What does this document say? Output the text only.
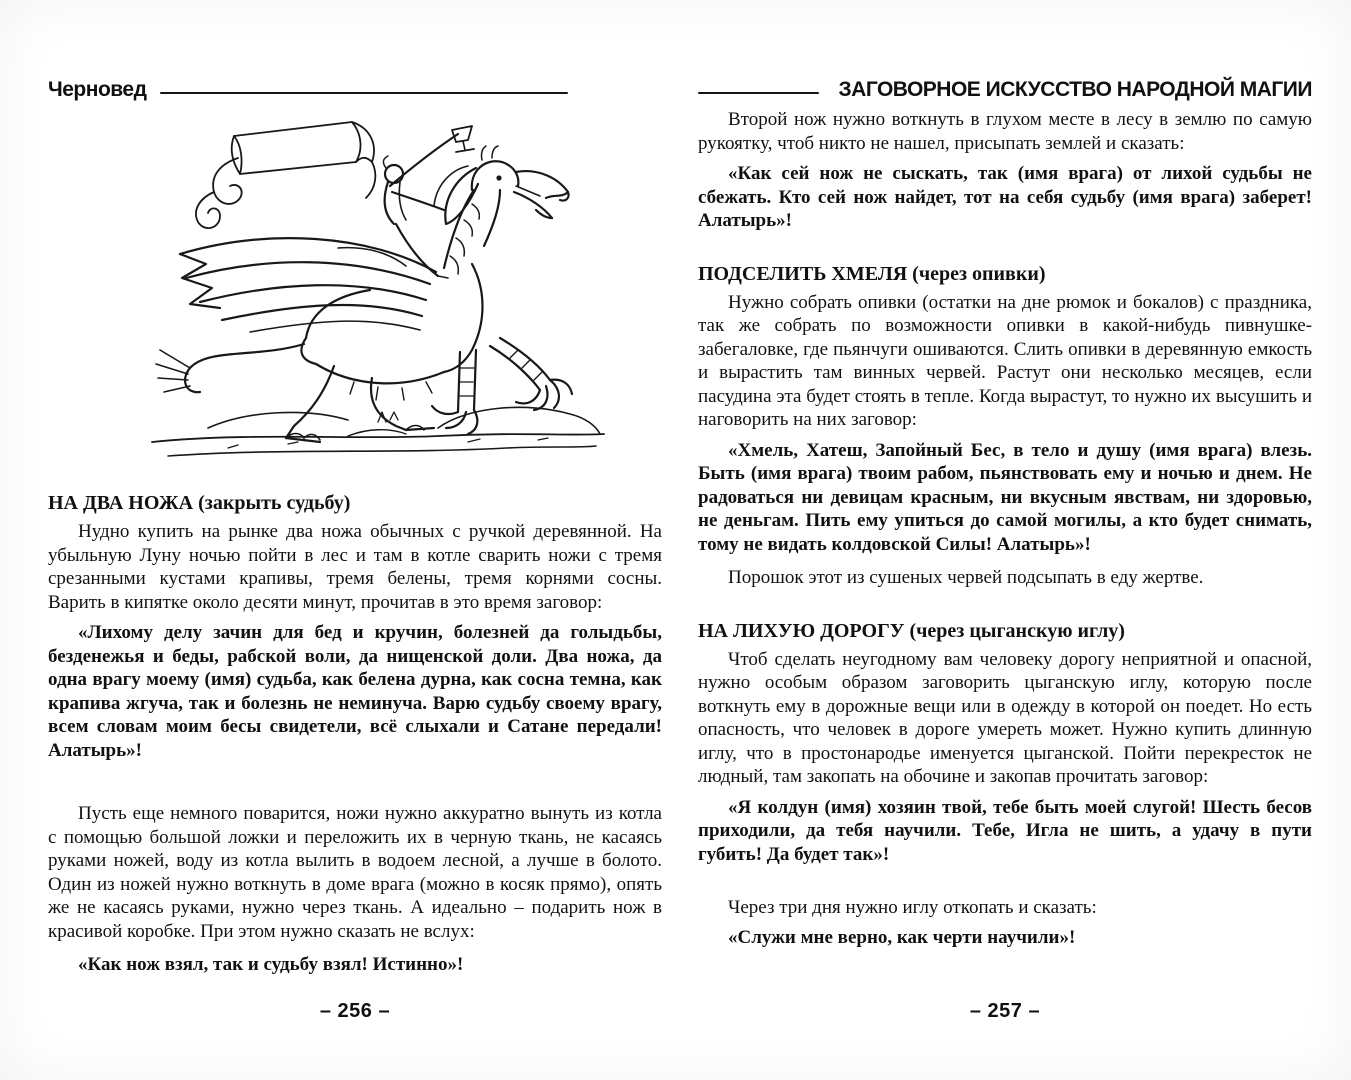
Черновед
НА ДВА НОЖА (закрыть судьбу)

Нудно купить на рынке два ножа обычных с ручкой деревянной. На убыльную Луну ночью пойти в лес и там в котле сварить ножи с тремя срезанными кустами крапивы, тремя белены, тремя корнями сосны. Варить в кипятке около десяти минут, прочитав в это время заговор:

«Лихому делу зачин для бед и кручин, болезней да голыдьбы, безденежья и беды, рабской воли, да нищенской доли. Два ножа, да одна врагу моему (имя) судьба, как белена дурна, как сосна темна, как крапива жгуча, так и болезнь не неминуча. Варю судьбу своему врагу, всем словам моим бесы свидетели, всё слыхали и Сатане передали! Алатырь»!

Пусть еще немного поварится, ножи нужно аккуратно вынуть из котла с помощью большой ложки и переложить их в черную ткань, не касаясь руками ножей, воду из котла вылить в водоем лесной, а лучше в болото. Один из ножей нужно воткнуть в доме врага (можно в косяк прямо), опять же не касаясь руками, нужно через ткань. А идеально – подарить нож в красивой коробке. При этом нужно сказать не вслух:

«Как нож взял, так и судьбу взял! Истинно»!

– 256 –
ЗАГОВОРНОЕ ИСКУССТВО НАРОДНОЙ МАГИИ

Второй нож нужно воткнуть в глухом месте в лесу в землю по самую рукоятку, чтоб никто не нашел, присыпать землей и сказать:

«Как сей нож не сыскать, так (имя врага) от лихой судьбы не сбежать. Кто сей нож найдет, тот на себя судьбу (имя врага) заберет! Алатырь»!

ПОДСЕЛИТЬ ХМЕЛЯ (через опивки)

Нужно собрать опивки (остатки на дне рюмок и бокалов) с праздника, так же собрать по возможности опивки в какой-нибудь пивнушке-забегаловке, где пьянчуги ошиваются. Слить опивки в деревянную емкость и вырастить там винных червей. Растут они несколько месяцев, если пасудина эта будет стоять в тепле. Когда вырастут, то нужно их высушить и наговорить на них заговор:

«Хмель, Хатеш, Запойный Бес, в тело и душу (имя врага) влезь. Быть (имя врага) твоим рабом, пьянствовать ему и ночью и днем. Не радоваться ни девицам красным, ни вкусным явствам, ни здоровью, не деньгам. Пить ему упиться до самой могилы, а кто будет снимать, тому не видать колдовской Силы! Алатырь»!

Порошок этот из сушеных червей подсыпать в еду жертве.

НА ЛИХУЮ ДОРОГУ (через цыганскую иглу)

Чтоб сделать неугодному вам человеку дорогу неприятной и опасной, нужно особым образом заговорить цыганскую иглу, которую после воткнуть ему в дорожные вещи или в одежду в которой он поедет. Но есть опасность, что человек в дороге умереть может. Нужно купить длинную иглу, что в простонародье именуется цыганской. Пойти перекресток не людный, там закопать на обочине и закопав прочитать заговор:

«Я колдун (имя) хозяин твой, тебе быть моей слугой! Шесть бесов приходили, да тебя научили. Тебе, Игла не шить, а удачу в пути губить! Да будет так»!

Через три дня нужно иглу откопать и сказать:

«Служи мне верно, как черти научили»!

– 257 –
